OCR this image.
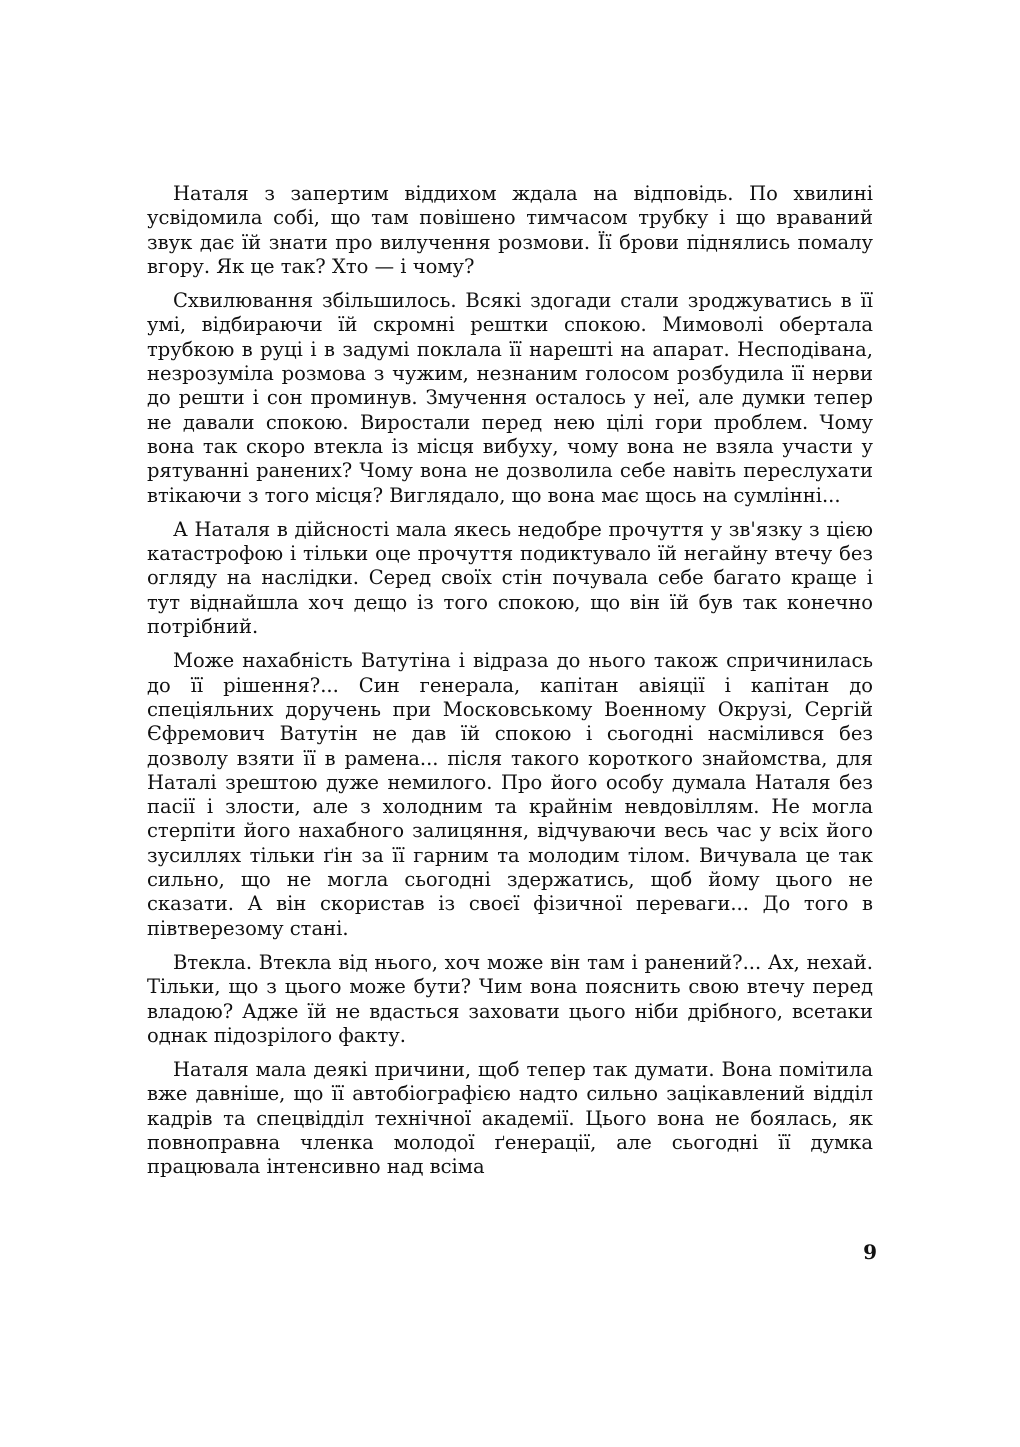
Наталя з запертим віддихом ждала на відповідь. По хвилині усвідомила собі, що там повішено тимчасом трубку і що враваний звук дає їй знати про вилучення розмови. Її брови піднялись помалу вгору. Як це так? Хто — і чому?

Схвилювання збільшилось. Всякі здогади стали зроджуватись в її умі, відбираючи їй скромні рештки спокою. Мимоволі обертала трубкою в руці і в задумі поклала її нарешті на апарат. Несподівана, незрозуміла розмова з чужим, незнаним голосом розбудила її нерви до решти і сон проминув. Змучення осталось у неї, але думки тепер не давали спокою. Виростали перед нею цілі гори проблем. Чому вона так скоро втекла із місця вибуху, чому вона не взяла участи у рятуванні ранених? Чому вона не дозволила себе навіть переслухати втікаючи з того місця? Виглядало, що вона має щось на сумлінні...

А Наталя в дійсності мала якесь недобре прочуття у зв'язку з цією катастрофою і тільки оце прочуття подиктувало їй негайну втечу без огляду на наслідки. Серед своїх стін почувала себе багато краще і тут віднайшла хоч дещо із того спокою, що він їй був так конечно потрібний.

Може нахабність Ватутіна і відраза до нього також спричинилась до її рішення?... Син генерала, капітан авіяції і капітан до спеціяльних доручень при Московському Военному Окрузі, Сергій Єфремович Ватутін не дав їй спокою і сьогодні насмілився без дозволу взяти її в рамена... після такого короткого знайомства, для Наталі зрештою дуже немилого. Про його особу думала Наталя без пасії і злости, але з холодним та крайнім невдовіллям. Не могла стерпіти його нахабного залицяння, відчуваючи весь час у всіх його зусиллях тільки ґін за її гарним та молодим тілом. Вичувала це так сильно, що не могла сьогодні здержатись, щоб йому цього не сказати. А він скористав із своєї фізичної переваги... До того в півтверезому стані.

Втекла. Втекла від нього, хоч може він там і ранений?... Ах, нехай. Тільки, що з цього може бути? Чим вона пояснить свою втечу перед владою? Адже їй не вдасться заховати цього ніби дрібного, всетаки однак підозрілого факту.

Наталя мала деякі причини, щоб тепер так думати. Вона помітила вже давніше, що її автобіографією надто сильно зацікавлений відділ кадрів та спецвідділ технічної академії. Цього вона не боялась, як повноправна членка молодої ґенерації, але сьогодні її думка працювала інтенсивно над всіма

9
